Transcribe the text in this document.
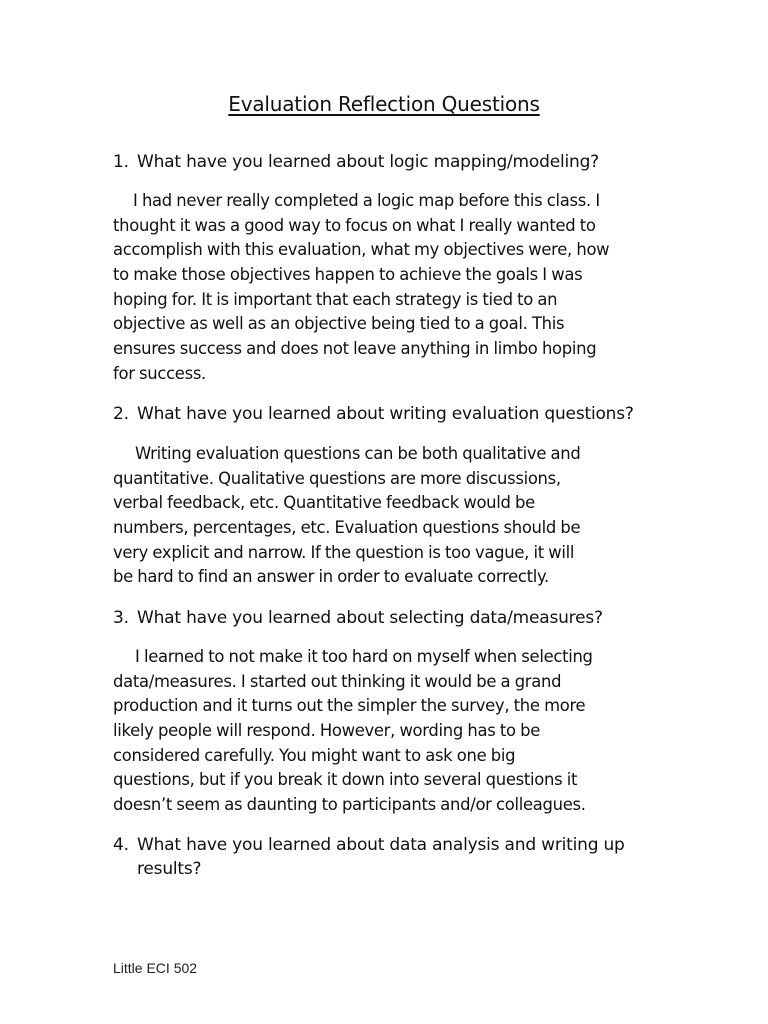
Evaluation Reflection Questions
1. What have you learned about logic mapping/modeling?
I had never really completed a logic map before this class. I
thought it was a good way to focus on what I really wanted to
accomplish with this evaluation, what my objectives were, how
to make those objectives happen to achieve the goals I was
hoping for. It is important that each strategy is tied to an
objective as well as an objective being tied to a goal. This
ensures success and does not leave anything in limbo hoping
for success.
2. What have you learned about writing evaluation questions?
Writing evaluation questions can be both qualitative and
quantitative. Qualitative questions are more discussions,
verbal feedback, etc. Quantitative feedback would be
numbers, percentages, etc. Evaluation questions should be
very explicit and narrow. If the question is too vague, it will
be hard to find an answer in order to evaluate correctly.
3. What have you learned about selecting data/measures?
I learned to not make it too hard on myself when selecting
data/measures. I started out thinking it would be a grand
production and it turns out the simpler the survey, the more
likely people will respond. However, wording has to be
considered carefully. You might want to ask one big
questions, but if you break it down into several questions it
doesn’t seem as daunting to participants and/or colleagues.
4. What have you learned about data analysis and writing up results?
Little ECI 502
